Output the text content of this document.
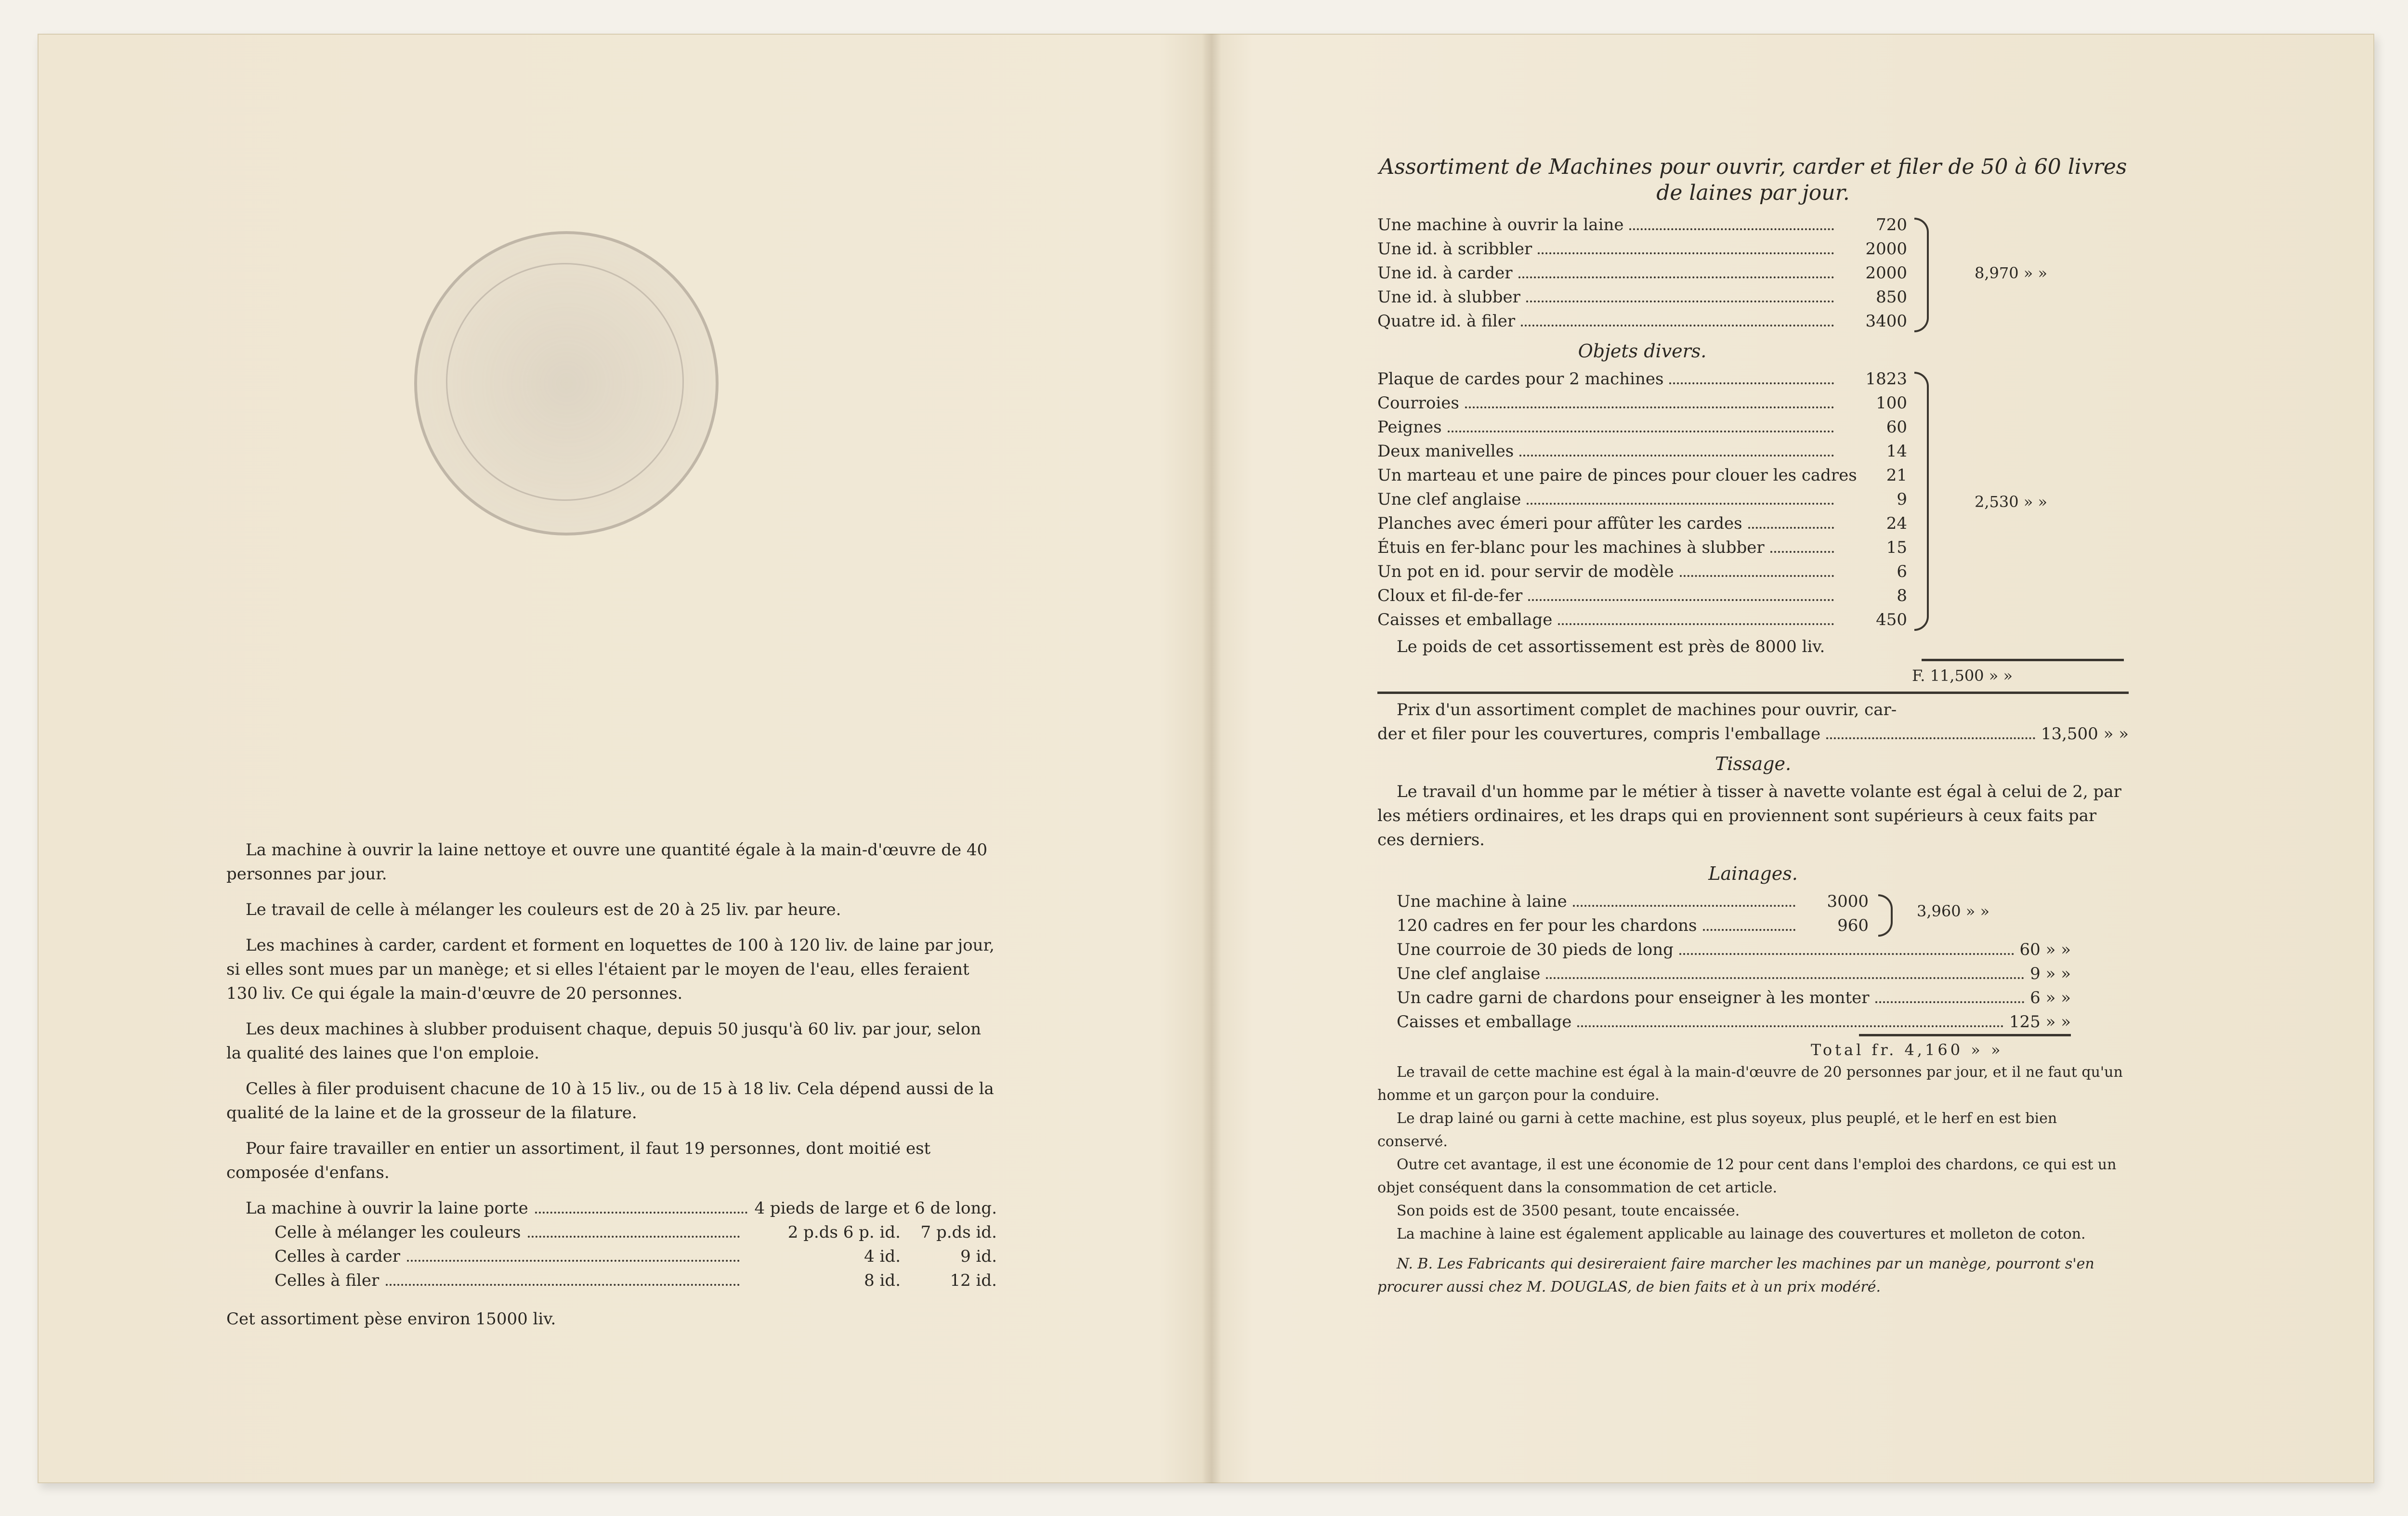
La machine à ouvrir la laine nettoye et ouvre une quantité égale à la main-d'œuvre de 40 personnes par jour.

Le travail de celle à mélanger les couleurs est de 20 à 25 liv. par heure.

Les machines à carder, cardent et forment en loquettes de 100 à 120 liv. de laine par jour, si elles sont mues par un manège; et si elles l'étaient par le moyen de l'eau, elles feraient 130 liv. Ce qui égale la main-d'œuvre de 20 personnes.

Les deux machines à slubber produisent chaque, depuis 50 jusqu'à 60 liv. par jour, selon la qualité des laines que l'on emploie.

Celles à filer produisent chacune de 10 à 15 liv., ou de 15 à 18 liv. Cela dépend aussi de la qualité de la laine et de la grosseur de la filature.

Pour faire travailler en entier un assortiment, il faut 19 personnes, dont moitié est composée d'enfans.

La machine à ouvrir la laine porte	4 pieds de large et 6 de long.
Celle à mélanger les couleurs	2 p.ds 6 p. id.	7 p.ds id.
Celles à carder	4 id.	9 id.
Celles à filer	8 id.	12 id.
Cet assortiment pèse environ 15000 liv.
Assortiment de Machines pour ouvrir, carder et filer de 50 à 60 livres
de laines par jour.
Une machine à ouvrir la laine	720
Une id. à scribbler	2000
Une id. à carder	2000
Une id. à slubber	850
Quatre id. à filer	3400
8,970 » »
Objets divers.
Plaque de cardes pour 2 machines	1823
Courroies	100
Peignes	60
Deux manivelles	14
Un marteau et une paire de pinces pour clouer les cadres	21
Une clef anglaise	9
Planches avec émeri pour affûter les cardes	24
Étuis en fer-blanc pour les machines à slubber	15
Un pot en id. pour servir de modèle	6
Cloux et fil-de-fer	8
Caisses et emballage	450
2,530 » »
Le poids de cet assortissement est près de 8000 liv.
F. 11,500 » »
Prix d'un assortiment complet de machines pour ouvrir, car-
der et filer pour les couvertures, compris l'emballage	13,500 » »
Tissage.

Le travail d'un homme par le métier à tisser à navette volante est égal à celui de 2, par les métiers ordinaires, et les draps qui en proviennent sont supérieurs à ceux faits par ces derniers.

Lainages.
Une machine à laine	3000
120 cadres en fer pour les chardons	960
3,960 » »
Une courroie de 30 pieds de long	60 » »
Une clef anglaise	9 » »
Un cadre garni de chardons pour enseigner à les monter	6 » »
Caisses et emballage	125 » »
Total fr. 4,160 » »

Le travail de cette machine est égal à la main-d'œuvre de 20 personnes par jour, et il ne faut qu'un homme et un garçon pour la conduire.

Le drap lainé ou garni à cette machine, est plus soyeux, plus peuplé, et le herf en est bien conservé.

Outre cet avantage, il est une économie de 12 pour cent dans l'emploi des chardons, ce qui est un objet conséquent dans la consommation de cet article.

Son poids est de 3500 pesant, toute encaissée.

La machine à laine est également applicable au lainage des couvertures et molleton de coton.

N. B. Les Fabricants qui desireraient faire marcher les machines par un manège, pourront s'en procurer aussi chez M. DOUGLAS, de bien faits et à un prix modéré.
